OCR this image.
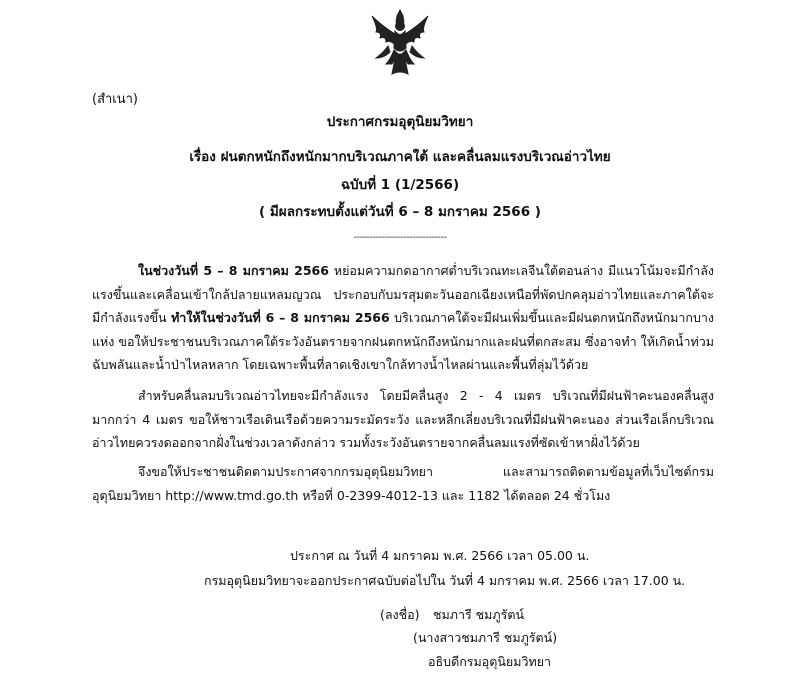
(สำเนา)
ประกาศกรมอุตุนิยมวิทยา
เรื่อง ฝนตกหนักถึงหนักมากบริเวณภาคใต้ และคลื่นลมแรงบริเวณอ่าวไทย
ฉบับที่ 1 (1/2566)
( มีผลกระทบตั้งแต่วันที่ 6 – 8 มกราคม 2566 )
------------------------------
ในช่วงวันที่ 5 – 8 มกราคม 2566 หย่อมความกดอากาศต่ำบริเวณทะเลจีนใต้ตอนล่าง มีแนวโน้มจะมีกำลังแรงขึ้นและเคลื่อนเข้าใกล้ปลายแหลมญวณ ประกอบกับมรสุมตะวันออกเฉียงเหนือที่พัดปกคลุมอ่าวไทยและภาคใต้จะมีกำลังแรงขึ้น ทำให้ในช่วงวันที่ 6 – 8 มกราคม 2566 บริเวณภาคใต้จะมีฝนเพิ่มขึ้นและมีฝนตกหนักถึงหนักมากบางแห่ง ขอให้ประชาชนบริเวณภาคใต้ระวังอันตรายจากฝนตกหนักถึงหนักมากและฝนที่ตกสะสม ซึ่งอาจทำ ให้เกิดน้ำท่วมฉับพลันและน้ำป่าไหลหลาก โดยเฉพาะพื้นที่ลาดเชิงเขาใกล้ทางน้ำไหลผ่านและพื้นที่ลุ่มไว้ด้วย
สำหรับคลื่นลมบริเวณอ่าวไทยจะมีกำลังแรง โดยมีคลื่นสูง 2 - 4 เมตร บริเวณที่มีฝนฟ้าคะนองคลื่นสูงมากกว่า 4 เมตร ขอให้ชาวเรือเดินเรือด้วยความระมัดระวัง และหลีกเลี่ยงบริเวณที่มีฝนฟ้าคะนอง ส่วนเรือเล็กบริเวณอ่าวไทยควรงดออกจากฝั่งในช่วงเวลาดังกล่าว รวมทั้งระวังอันตรายจากคลื่นลมแรงที่ซัดเข้าหาฝั่งไว้ด้วย
จึงขอให้ประชาชนติดตามประกาศจากกรมอุตุนิยมวิทยา และสามารถติดตามข้อมูลที่เว็บไซต์กรมอุตุนิยมวิทยา http://www.tmd.go.th หรือที่ 0-2399-4012-13 และ 1182 ได้ตลอด 24 ชั่วโมง
ประกาศ ณ วันที่ 4 มกราคม พ.ศ. 2566 เวลา 05.00 น.
กรมอุตุนิยมวิทยาจะออกประกาศฉบับต่อไปใน วันที่ 4 มกราคม พ.ศ. 2566 เวลา 17.00 น.
(ลงชื่อ) ชมภารี ชมภูรัตน์
(นางสาวชมภารี ชมภูรัตน์)
อธิบดีกรมอุตุนิยมวิทยา
